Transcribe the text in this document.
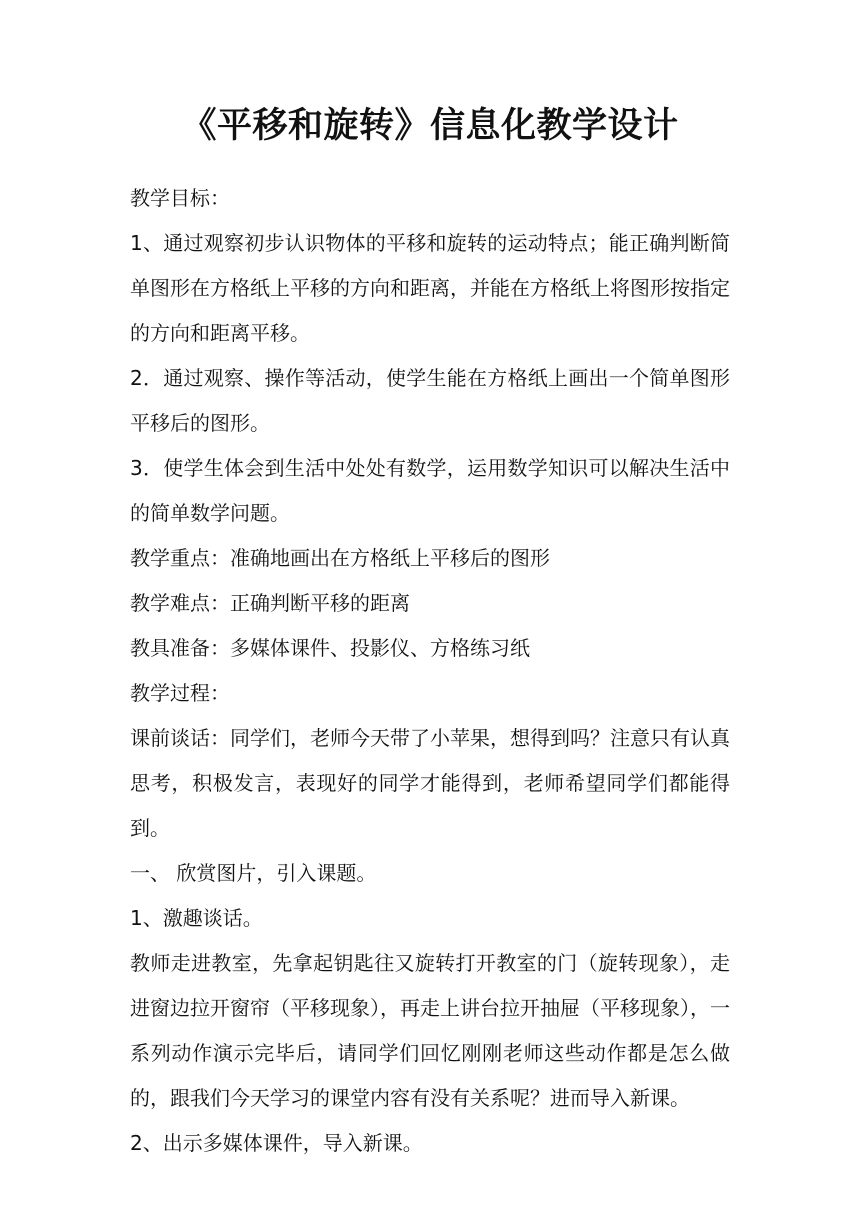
《平移和旋转》信息化教学设计

教学目标：

1、通过观察初步认识物体的平移和旋转的运动特点；能正确判断简单图形在方格纸上平移的方向和距离，并能在方格纸上将图形按指定的方向和距离平移。

2．通过观察、操作等活动，使学生能在方格纸上画出一个简单图形平移后的图形。

3．使学生体会到生活中处处有数学，运用数学知识可以解决生活中的简单数学问题。

教学重点：准确地画出在方格纸上平移后的图形

教学难点：正确判断平移的距离

教具准备：多媒体课件、投影仪、方格练习纸

教学过程：

课前谈话：同学们，老师今天带了小苹果，想得到吗？注意只有认真思考，积极发言，表现好的同学才能得到，老师希望同学们都能得到。

一、 欣赏图片，引入课题。

1、激趣谈话。

教师走进教室，先拿起钥匙往又旋转打开教室的门（旋转现象），走进窗边拉开窗帘（平移现象），再走上讲台拉开抽屉（平移现象），一系列动作演示完毕后，请同学们回忆刚刚老师这些动作都是怎么做的，跟我们今天学习的课堂内容有没有关系呢？进而导入新课。

2、出示多媒体课件，导入新课。
